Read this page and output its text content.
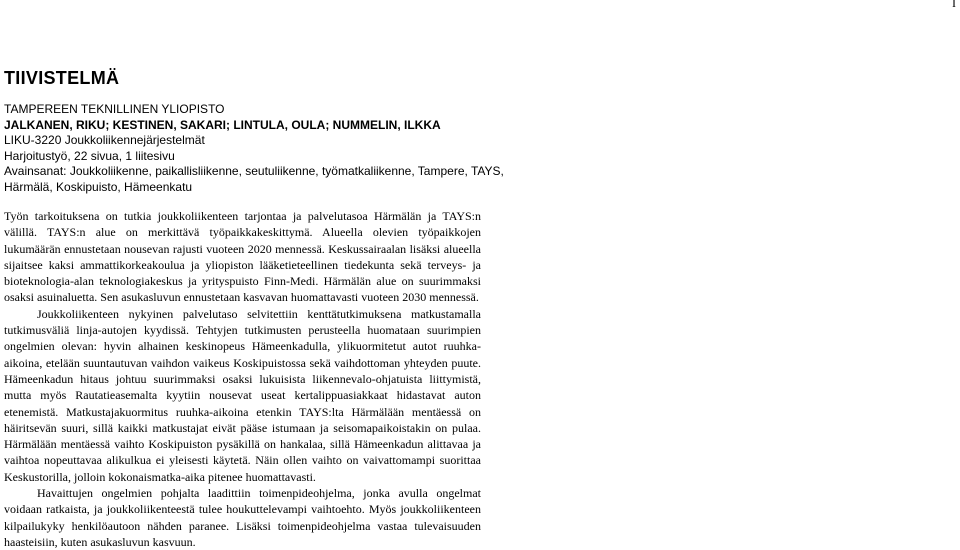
I
TIIVISTELMÄ
TAMPEREEN TEKNILLINEN YLIOPISTO
JALKANEN, RIKU; KESTINEN, SAKARI; LINTULA, OULA; NUMMELIN, ILKKA
LIKU-3220 Joukkoliikennejärjestelmät
Harjoitustyö, 22 sivua, 1 liitesivu
Avainsanat: Joukkoliikenne, paikallisliikenne, seutuliikenne, työmatkaliikenne, Tampere, TAYS,
Härmälä, Koskipuisto, Hämeenkatu

Työn tarkoituksena on tutkia joukkoliikenteen tarjontaa ja palvelutasoa Härmälän ja TAYS:n välillä. TAYS:n alue on merkittävä työpaikkakeskittymä. Alueella olevien työpaikkojen lukumäärän ennustetaan nousevan rajusti vuoteen 2020 mennessä. Keskussairaalan lisäksi alueella sijaitsee kaksi ammattikorkeakoulua ja yliopiston lääketieteellinen tiedekunta sekä terveys- ja bioteknologia-alan teknologiakeskus ja yrityspuisto Finn-Medi. Härmälän alue on suurimmaksi osaksi asuinaluetta. Sen asukasluvun ennustetaan kasvavan huomattavasti vuoteen 2030 mennessä.

Joukkoliikenteen nykyinen palvelutaso selvitettiin kenttätutkimuksena matkustamalla tutkimusväliä linja-autojen kyydissä. Tehtyjen tutkimusten perusteella huomataan suurimpien ongelmien olevan: hyvin alhainen keskinopeus Hämeenkadulla, ylikuormitetut autot ruuhka-aikoina, etelään suuntautuvan vaihdon vaikeus Koskipuistossa sekä vaihdottoman yhteyden puute. Hämeenkadun hitaus johtuu suurimmaksi osaksi lukuisista liikennevalo-ohjatuista liittymistä, mutta myös Rautatieasemalta kyytiin nousevat useat kertalippuasiakkaat hidastavat auton etenemistä. Matkustajakuormitus ruuhka-aikoina etenkin TAYS:lta Härmälään mentäessä on häiritsevän suuri, sillä kaikki matkustajat eivät pääse istumaan ja seisomapaikoistakin on pulaa. Härmälään mentäessä vaihto Koskipuiston pysäkillä on hankalaa, sillä Hämeenkadun alittavaa ja vaihtoa nopeuttavaa alikulkua ei yleisesti käytetä. Näin ollen vaihto on vaivattomampi suorittaa Keskustorilla, jolloin kokonaismatka-aika pitenee huomattavasti.

Havaittujen ongelmien pohjalta laadittiin toimenpideohjelma, jonka avulla ongelmat voidaan ratkaista, ja joukkoliikenteestä tulee houkuttelevampi vaihtoehto. Myös joukkoliikenteen kilpailukyky henkilöautoon nähden paranee. Lisäksi toimenpideohjelma vastaa tulevaisuuden haasteisiin, kuten asukasluvun kasvuun.
